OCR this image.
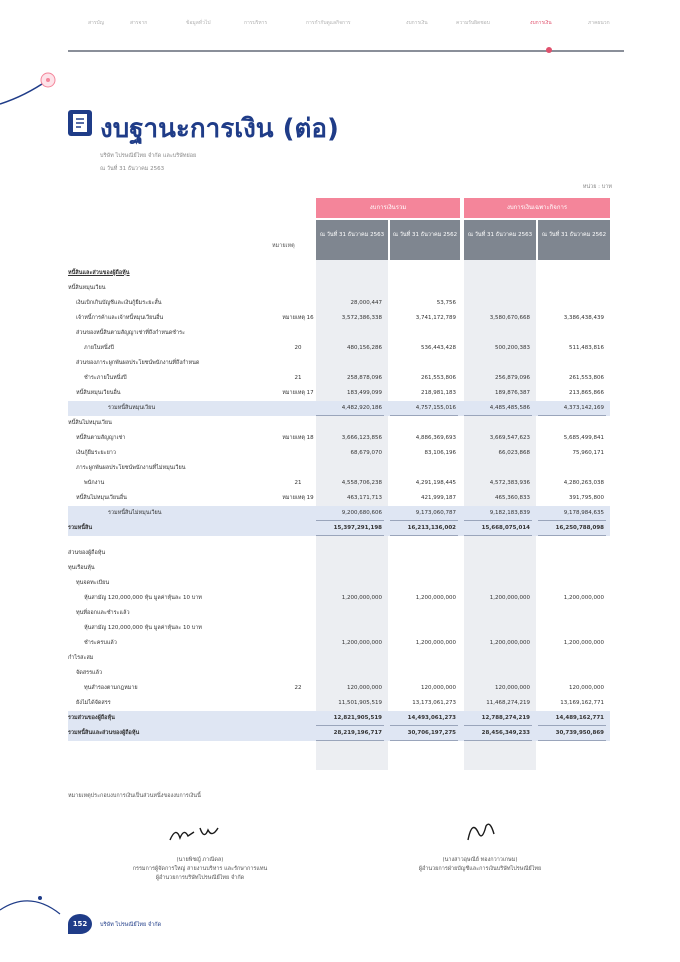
สารบัญ	สารจาก	ข้อมูลทั่วไป	การบริหาร	การกำกับดูแลกิจการ	งบการเงิน	ความรับผิดชอบ	งบการเงิน	ภาคผนวก
งบฐานะการเงิน (ต่อ)
บริษัท ไปรษณีย์ไทย จำกัด และบริษัทย่อย
ณ วันที่ 31 ธันวาคม 2563
หน่วย : บาท
งบการเงินรวม	งบการเงินเฉพาะกิจการ
หมายเหตุ
ณ วันที่ 31 ธันวาคม 2563	ณ วันที่ 31 ธันวาคม 2562	ณ วันที่ 31 ธันวาคม 2563	ณ วันที่ 31 ธันวาคม 2562
หนี้สินและส่วนของผู้ถือหุ้น
หนี้สินหมุนเวียน
เงินเบิกเกินบัญชีและเงินกู้ยืมระยะสั้น	28,000,447	53,756
เจ้าหนี้การค้าและเจ้าหนี้หมุนเวียนอื่น	หมายเหตุ 16	3,572,386,338	3,741,172,789	3,580,670,668	3,386,438,439
ส่วนของหนี้สินตามสัญญาเช่าที่ถึงกำหนดชำระ
ภายในหนึ่งปี	20	480,156,286	536,443,428	500,200,383	511,483,816
ส่วนของภาระผูกพันผลประโยชน์พนักงานที่ถึงกำหนด
ชำระภายในหนึ่งปี	21	258,878,096	261,553,806	256,879,096	261,553,806
หนี้สินหมุนเวียนอื่น	หมายเหตุ 17	183,499,099	218,981,183	189,876,387	213,865,866
รวมหนี้สินหมุนเวียน	4,482,920,186	4,757,155,016	4,485,485,586	4,373,142,169
หนี้สินไม่หมุนเวียน
หนี้สินตามสัญญาเช่า	หมายเหตุ 18	3,666,123,856	4,886,369,693	3,669,547,623	5,685,499,841
เงินกู้ยืมระยะยาว	68,679,070	83,106,196	66,023,868	75,960,171
ภาระผูกพันผลประโยชน์พนักงานที่ไม่หมุนเวียน
พนักงาน	21	4,558,706,238	4,291,198,445	4,572,383,936	4,280,263,038
หนี้สินไม่หมุนเวียนอื่น	หมายเหตุ 19	463,171,713	421,999,187	465,360,833	391,795,800
รวมหนี้สินไม่หมุนเวียน	9,200,680,606	9,173,060,787	9,182,183,839	9,178,984,635
รวมหนี้สิน	15,397,291,198	16,213,136,002	15,668,075,014	16,250,788,098
ส่วนของผู้ถือหุ้น
ทุนเรือนหุ้น
ทุนจดทะเบียน
หุ้นสามัญ 120,000,000 หุ้น มูลค่าหุ้นละ 10 บาท	1,200,000,000	1,200,000,000	1,200,000,000	1,200,000,000
ทุนที่ออกและชำระแล้ว
หุ้นสามัญ 120,000,000 หุ้น มูลค่าหุ้นละ 10 บาท
ชำระครบแล้ว	1,200,000,000	1,200,000,000	1,200,000,000	1,200,000,000
กำไรสะสม
จัดสรรแล้ว
ทุนสำรองตามกฎหมาย	22	120,000,000	120,000,000	120,000,000	120,000,000
ยังไม่ได้จัดสรร	11,501,905,519	13,173,061,273	11,468,274,219	13,169,162,771
รวมส่วนของผู้ถือหุ้น	12,821,905,519	14,493,061,273	12,788,274,219	14,489,162,771
รวมหนี้สินและส่วนของผู้ถือหุ้น	28,219,196,717	30,706,197,275	28,456,349,233	30,739,950,869
หมายเหตุประกอบงบการเงินเป็นส่วนหนึ่งของงบการเงินนี้
(นายพิชญ์ ภาณีดล)
กรรมการผู้จัดการใหญ่ สายงานบริหาร และรักษาการแทน
ผู้อำนวยการบริษัทไปรษณีย์ไทย จำกัด
(นางสาวอุษณีย์ ทองกวาวเกษม)
ผู้อำนวยการฝ่ายบัญชีและการเงินบริษัทไปรษณีย์ไทย
152	บริษัท ไปรษณีย์ไทย จำกัด
